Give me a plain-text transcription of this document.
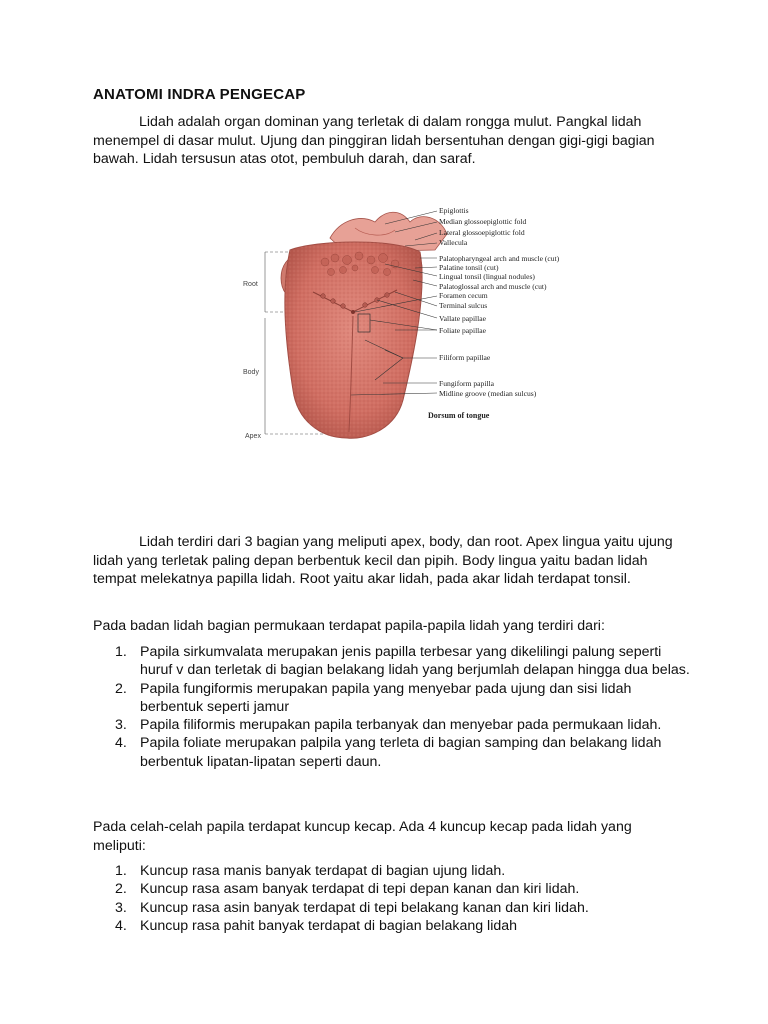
ANATOMI INDRA PENGECAP
Lidah adalah organ dominan yang terletak di dalam rongga mulut. Pangkal lidah menempel di dasar mulut. Ujung dan pinggiran lidah bersentuhan dengan gigi-gigi bagian bawah. Lidah tersusun atas otot, pembuluh darah, dan saraf.
Root
Body
Apex
Epiglottis
Median glossoepiglottic fold
Lateral glossoepiglottic fold
Vallecula
Palatopharyngeal arch and muscle (cut)
Palatine tonsil (cut)
Lingual tonsil (lingual nodules)
Palatoglossal arch and muscle (cut)
Foramen cecum
Terminal sulcus
Vallate papillae
Foliate papillae
Filiform papillae
Fungiform papilla
Midline groove (median sulcus)
Dorsum of tongue
Lidah terdiri dari 3 bagian yang meliputi apex, body, dan root. Apex lingua yaitu ujung lidah yang terletak paling depan berbentuk kecil dan pipih. Body lingua yaitu badan lidah tempat melekatnya papilla lidah. Root yaitu akar lidah, pada akar lidah terdapat tonsil.
Pada badan lidah bagian permukaan terdapat papila-papila lidah yang terdiri dari:
1. Papila sirkumvalata merupakan jenis papilla terbesar yang dikelilingi palung seperti huruf v dan terletak di bagian belakang lidah yang berjumlah delapan hingga dua belas.
2. Papila fungiformis merupakan papila yang menyebar pada ujung dan sisi lidah berbentuk seperti jamur
3. Papila filiformis merupakan papila terbanyak dan menyebar pada permukaan lidah.
4. Papila foliate merupakan palpila yang terleta di bagian samping dan belakang lidah berbentuk lipatan-lipatan seperti daun.
Pada celah-celah papila terdapat kuncup kecap. Ada 4 kuncup kecap pada lidah yang meliputi:
1. Kuncup rasa manis banyak terdapat di bagian ujung lidah.
2. Kuncup rasa asam banyak terdapat di tepi depan kanan dan kiri lidah.
3. Kuncup rasa asin banyak terdapat di tepi belakang kanan dan kiri lidah.
4. Kuncup rasa pahit banyak terdapat di bagian belakang lidah
